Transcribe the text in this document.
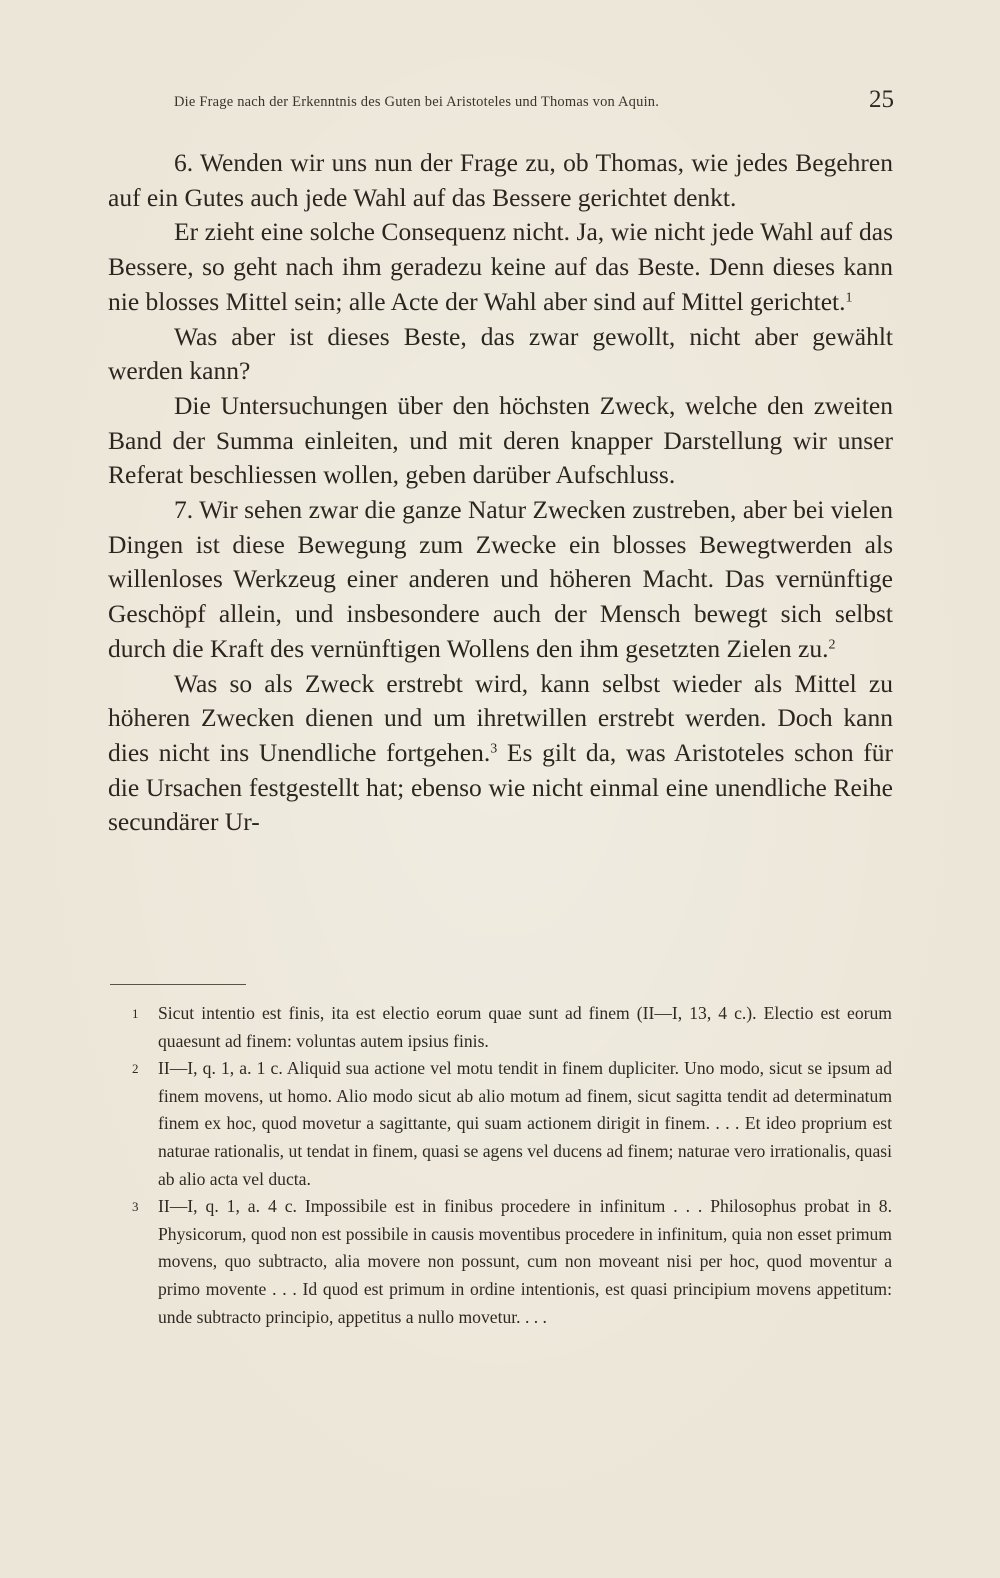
Die Frage nach der Erkenntnis des Guten bei Aristoteles und Thomas von Aquin.	25

6. Wenden wir uns nun der Frage zu, ob Thomas, wie jedes Begehren auf ein Gutes auch jede Wahl auf das Bessere gerichtet denkt.

Er zieht eine solche Consequenz nicht. Ja, wie nicht jede Wahl auf das Bessere, so geht nach ihm geradezu keine auf das Beste. Denn dieses kann nie blosses Mittel sein; alle Acte der Wahl aber sind auf Mittel gerichtet.$^1$

Was aber ist dieses Beste, das zwar gewollt, nicht aber gewählt werden kann?

Die Untersuchungen über den höchsten Zweck, welche den zweiten Band der Summa einleiten, und mit deren knapper Darstellung wir unser Referat beschliessen wollen, geben darüber Aufschluss.

7. Wir sehen zwar die ganze Natur Zwecken zustreben, aber bei vielen Dingen ist diese Bewegung zum Zwecke ein blosses Bewegtwerden als willenloses Werkzeug einer anderen und höheren Macht. Das vernünftige Geschöpf allein, und insbesondere auch der Mensch bewegt sich selbst durch die Kraft des vernünftigen Wollens den ihm gesetzten Zielen zu.$^2$

Was so als Zweck erstrebt wird, kann selbst wieder als Mittel zu höheren Zwecken dienen und um ihretwillen erstrebt werden. Doch kann dies nicht ins Unendliche fortgehen.$^3$ Es gilt da, was Aristoteles schon für die Ursachen festgestellt hat; ebenso wie nicht einmal eine unendliche Reihe secundärer Ur-

1 Sicut intentio est finis, ita est electio eorum quae sunt ad finem (II—I, 13, 4 c.). Electio est eorum quaesunt ad finem: voluntas autem ipsius finis.

2 II—I, q. 1, a. 1 c. Aliquid sua actione vel motu tendit in finem dupliciter. Uno modo, sicut se ipsum ad finem movens, ut homo. Alio modo sicut ab alio motum ad finem, sicut sagitta tendit ad determinatum finem ex hoc, quod movetur a sagittante, qui suam actionem dirigit in finem. . . . Et ideo proprium est naturae rationalis, ut tendat in finem, quasi se agens vel ducens ad finem; naturae vero irrationalis, quasi ab alio acta vel ducta.

3 II—I, q. 1, a. 4 c. Impossibile est in finibus procedere in infinitum . . . Philosophus probat in 8. Physicorum, quod non est possibile in causis moventibus procedere in infinitum, quia non esset primum movens, quo subtracto, alia movere non possunt, cum non moveant nisi per hoc, quod moventur a primo movente . . . Id quod est primum in ordine intentionis, est quasi principium movens appetitum: unde subtracto principio, appetitus a nullo movetur. . . .
